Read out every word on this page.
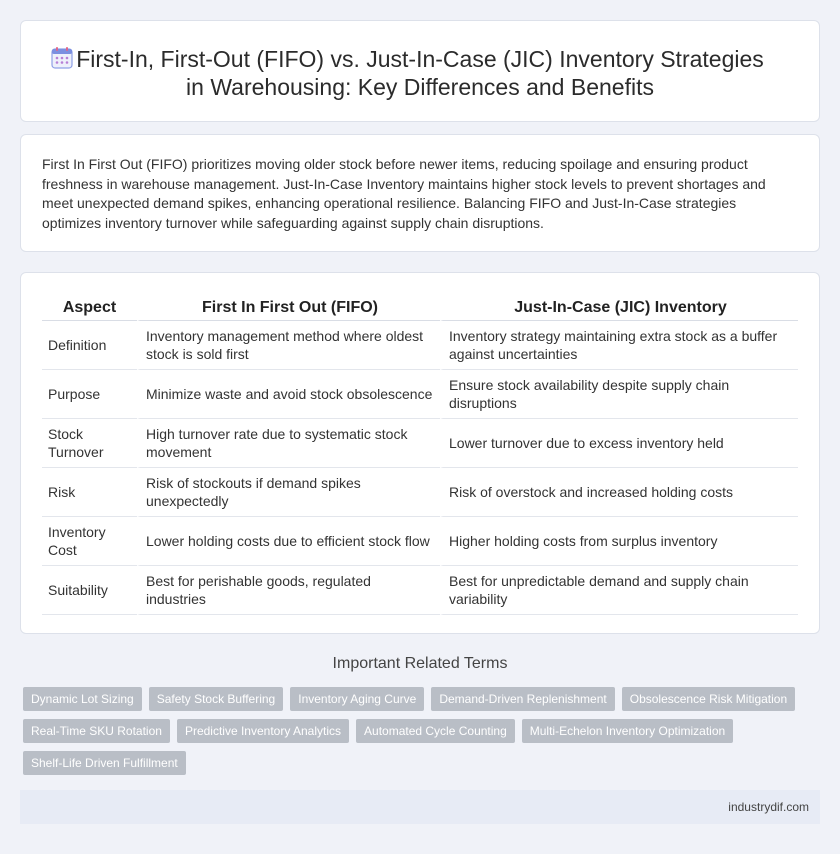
First-In, First-Out (FIFO) vs. Just-In-Case (JIC) Inventory Strategies
in Warehousing: Key Differences and Benefits

First In First Out (FIFO) prioritizes moving older stock before newer items, reducing spoilage and ensuring product freshness in warehouse management. Just-In-Case Inventory maintains higher stock levels to prevent shortages and meet unexpected demand spikes, enhancing operational resilience. Balancing FIFO and Just-In-Case strategies optimizes inventory turnover while safeguarding against supply chain disruptions.

Aspect	First In First Out (FIFO)	Just-In-Case (JIC) Inventory
Definition	Inventory management method where oldest stock is sold first	Inventory strategy maintaining extra stock as a buffer against uncertainties
Purpose	Minimize waste and avoid stock obsolescence	Ensure stock availability despite supply chain disruptions
Stock Turnover	High turnover rate due to systematic stock movement	Lower turnover due to excess inventory held
Risk	Risk of stockouts if demand spikes unexpectedly	Risk of overstock and increased holding costs
Inventory Cost	Lower holding costs due to efficient stock flow	Higher holding costs from surplus inventory
Suitability	Best for perishable goods, regulated industries	Best for unpredictable demand and supply chain variability
Important Related Terms
Dynamic Lot Sizing	Safety Stock Buffering	Inventory Aging Curve	Demand-Driven Replenishment	Obsolescence Risk Mitigation
Real-Time SKU Rotation	Predictive Inventory Analytics	Automated Cycle Counting	Multi-Echelon Inventory Optimization
Shelf-Life Driven Fulfillment
industrydif.com
